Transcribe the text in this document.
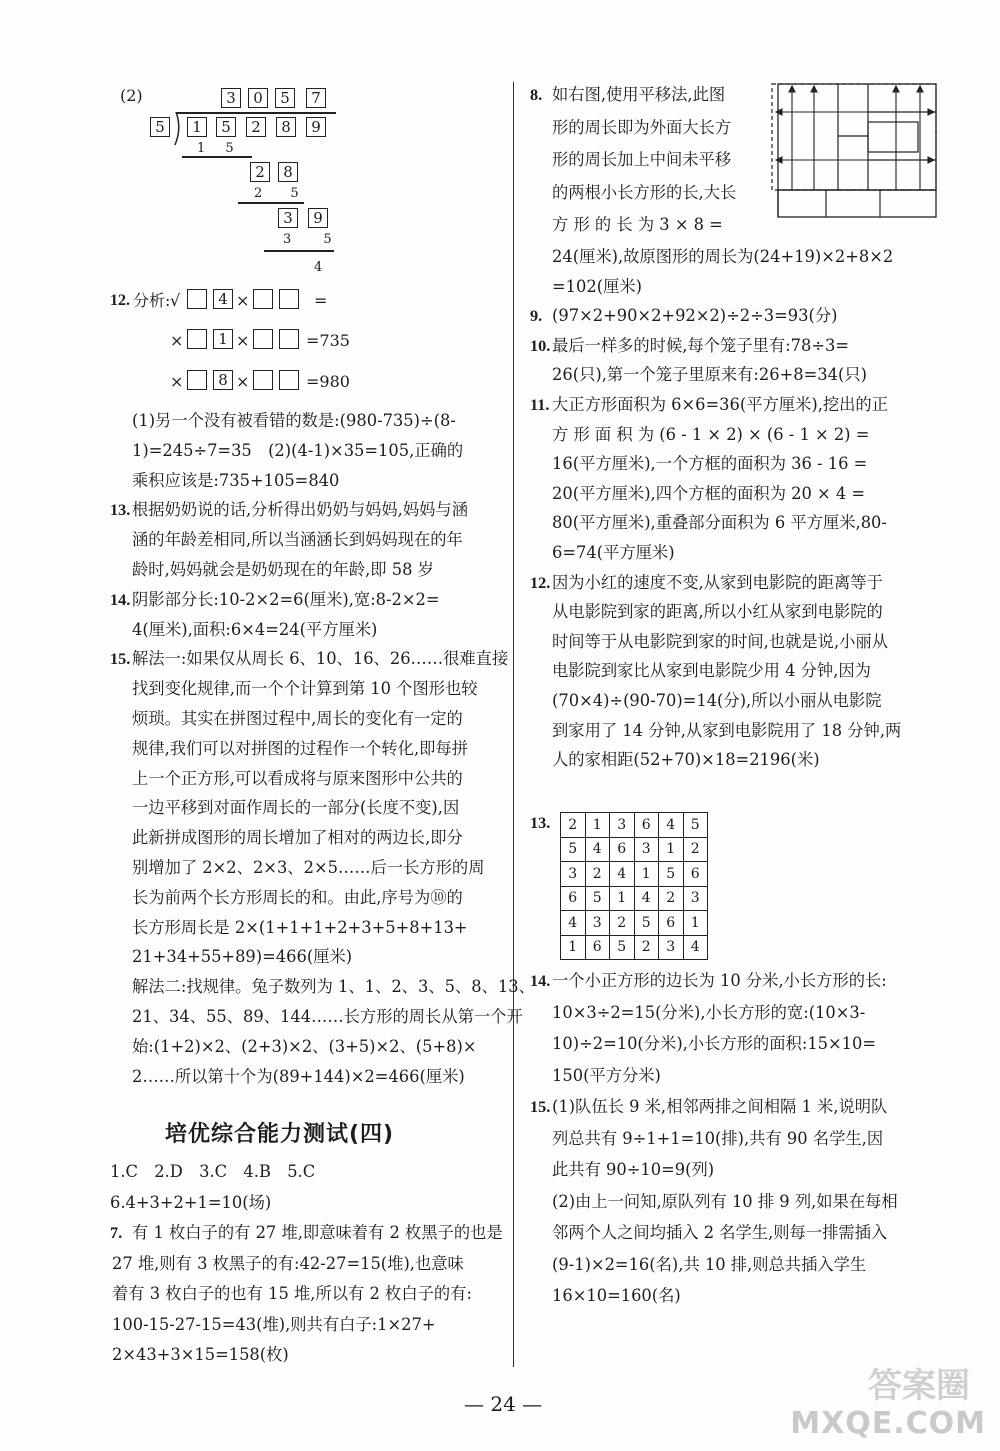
(2)	3	0	5	7
5	1	5	2	8	9
1 5
2	8
2 5
3	9
3 5
4
12. 分析: √	4 ×	=
×	1 ×	=735
×	8 ×	=980
(1)另一个没有被看错的数是:(980-735)÷(8-
1)=245÷7=35　(2)(4-1)×35=105,正确的
乘积应该是:735+105=840
13. 根据奶奶说的话,分析得出奶奶与妈妈,妈妈与涵
涵的年龄差相同,所以当涵涵长到妈妈现在的年
龄时,妈妈就会是奶奶现在的年龄,即 58 岁
14. 阴影部分长:10-2×2=6(厘米),宽:8-2×2=
4(厘米),面积:6×4=24(平方厘米)
15. 解法一:如果仅从周长 6、10、16、26……很难直接
找到变化规律,而一个个计算到第 10 个图形也较
烦琐。其实在拼图过程中,周长的变化有一定的
规律,我们可以对拼图的过程作一个转化,即每拼
上一个正方形,可以看成将与原来图形中公共的
一边平移到对面作周长的一部分(长度不变),因
此新拼成图形的周长增加了相对的两边长,即分
别增加了 2×2、2×3、2×5……后一长方形的周
长为前两个长方形周长的和。由此,序号为⑩的
长方形周长是 2×(1+1+1+2+3+5+8+13+
21+34+55+89)=466(厘米)
解法二:找规律。兔子数列为 1、1、2、3、5、8、13、
21、34、55、89、144……长方形的周长从第一个开
始:(1+2)×2、(2+3)×2、(3+5)×2、(5+8)×
2……所以第十个为(89+144)×2=466(厘米)
培优综合能力测试(四)
1.C　2.D　3.C　4.B　5.C
6.4+3+2+1=10(场)
7. 有 1 枚白子的有 27 堆,即意味着有 2 枚黑子的也是
27 堆,则有 3 枚黑子的有:42-27=15(堆),也意味
着有 3 枚白子的也有 15 堆,所以有 2 枚白子的有:
100-15-27-15=43(堆),则共有白子:1×27+
2×43+3×15=158(枚)
8. 如右图,使用平移法,此图
形的周长即为外面大长方
形的周长加上中间未平移
的两根小长方形的长,大长
方 形 的 长 为 3 × 8 =
24(厘米),故原图形的周长为(24+19)×2+8×2
=102(厘米)
9. (97×2+90×2+92×2)÷2÷3=93(分)
10. 最后一样多的时候,每个笼子里有:78÷3=
26(只),第一个笼子里原来有:26+8=34(只)
11. 大正方形面积为 6×6=36(平方厘米),挖出的正
方 形 面 积 为 (6 - 1 × 2) × (6 - 1 × 2) =
16(平方厘米),一个方框的面积为 36 - 16 =
20(平方厘米),四个方框的面积为 20 × 4 =
80(平方厘米),重叠部分面积为 6 平方厘米,80-
6=74(平方厘米)
12. 因为小红的速度不变,从家到电影院的距离等于
从电影院到家的距离,所以小红从家到电影院的
时间等于从电影院到家的时间,也就是说,小丽从
电影院到家比从家到电影院少用 4 分钟,因为
(70×4)÷(90-70)=14(分),所以小丽从电影院
到家用了 14 分钟,从家到电影院用了 18 分钟,两
人的家相距(52+70)×18=2196(米)
13. 2	1	3	6	4	5
5	4	6	3	1	2
3	2	4	1	5	6
6	5	1	4	2	3
4	3	2	5	6	1
1	6	5	2	3	4
14. 一个小正方形的边长为 10 分米,小长方形的长:
10×3÷2=15(分米),小长方形的宽:(10×3-
10)÷2=10(分米),小长方形的面积:15×10=
150(平方分米)
15. (1)队伍长 9 米,相邻两排之间相隔 1 米,说明队
列总共有 9÷1+1=10(排),共有 90 名学生,因
此共有 90÷10=9(列)
(2)由上一问知,原队列有 10 排 9 列,如果在每相
邻两个人之间均插入 2 名学生,则每一排需插入
(9-1)×2=16(名),共 10 排,则总共插入学生
16×10=160(名)
— 24 —	答案圈
MXQE.COM
